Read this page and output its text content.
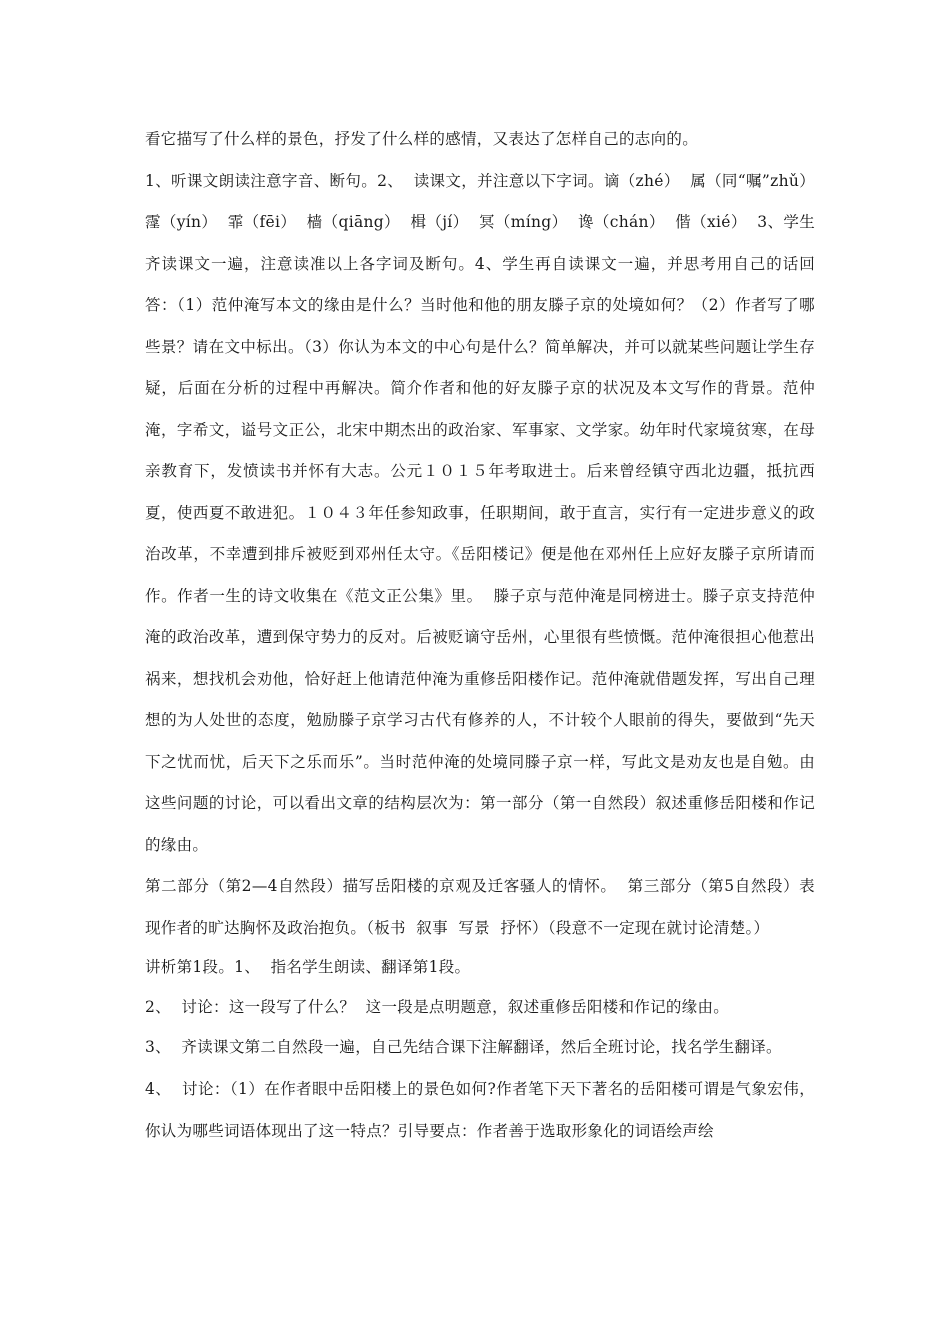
看它描写了什么样的景色，抒发了什么样的感情，又表达了怎样自己的志向的。

1、听课文朗读注意字音、断句。2、  读课文，并注意以下字词。谪（zhé）  属（同“嘱”zhǔ）  霪（yín）  霏（fēi）  樯（qiāng）  楫（jí）  冥（míng）  谗（chán）  偕（xié）  3、学生齐读课文一遍，注意读准以上各字词及断句。4、学生再自读课文一遍，并思考用自己的话回答：（1）范仲淹写本文的缘由是什么？当时他和他的朋友滕子京的处境如何？（2）作者写了哪些景？请在文中标出。（3）你认为本文的中心句是什么？简单解决，并可以就某些问题让学生存疑，后面在分析的过程中再解决。简介作者和他的好友滕子京的状况及本文写作的背景。范仲淹，字希文，谥号文正公，北宋中期杰出的政治家、军事家、文学家。幼年时代家境贫寒，在母亲教育下，发愤读书并怀有大志。公元１０１５年考取进士。后来曾经镇守西北边疆，抵抗西夏，使西夏不敢进犯。１０４３年任参知政事，任职期间，敢于直言，实行有一定进步意义的政治改革，不幸遭到排斥被贬到邓州任太守。《岳阳楼记》便是他在邓州任上应好友滕子京所请而作。作者一生的诗文收集在《范文正公集》里。  滕子京与范仲淹是同榜进士。滕子京支持范仲淹的政治改革，遭到保守势力的反对。后被贬谪守岳州，心里很有些愤慨。范仲淹很担心他惹出祸来，想找机会劝他，恰好赶上他请范仲淹为重修岳阳楼作记。范仲淹就借题发挥，写出自己理想的为人处世的态度，勉励滕子京学习古代有修养的人，不计较个人眼前的得失，要做到“先天下之忧而忧，后天下之乐而乐”。当时范仲淹的处境同滕子京一样，写此文是劝友也是自勉。由这些问题的讨论，可以看出文章的结构层次为：第一部分（第一自然段）叙述重修岳阳楼和作记的缘由。

第二部分（第2—4自然段）描写岳阳楼的京观及迁客骚人的情怀。  第三部分（第5自然段）表现作者的旷达胸怀及政治抱负。（板书  叙事  写景  抒怀）（段意不一定现在就讨论清楚。）

讲析第1段。1、  指名学生朗读、翻译第1段。

2、  讨论：这一段写了什么？  这一段是点明题意，叙述重修岳阳楼和作记的缘由。

3、  齐读课文第二自然段一遍，自己先结合课下注解翻译，然后全班讨论，找名学生翻译。

4、  讨论：（1）在作者眼中岳阳楼上的景色如何?作者笔下天下著名的岳阳楼可谓是气象宏伟，你认为哪些词语体现出了这一特点？引导要点：作者善于选取形象化的词语绘声绘
